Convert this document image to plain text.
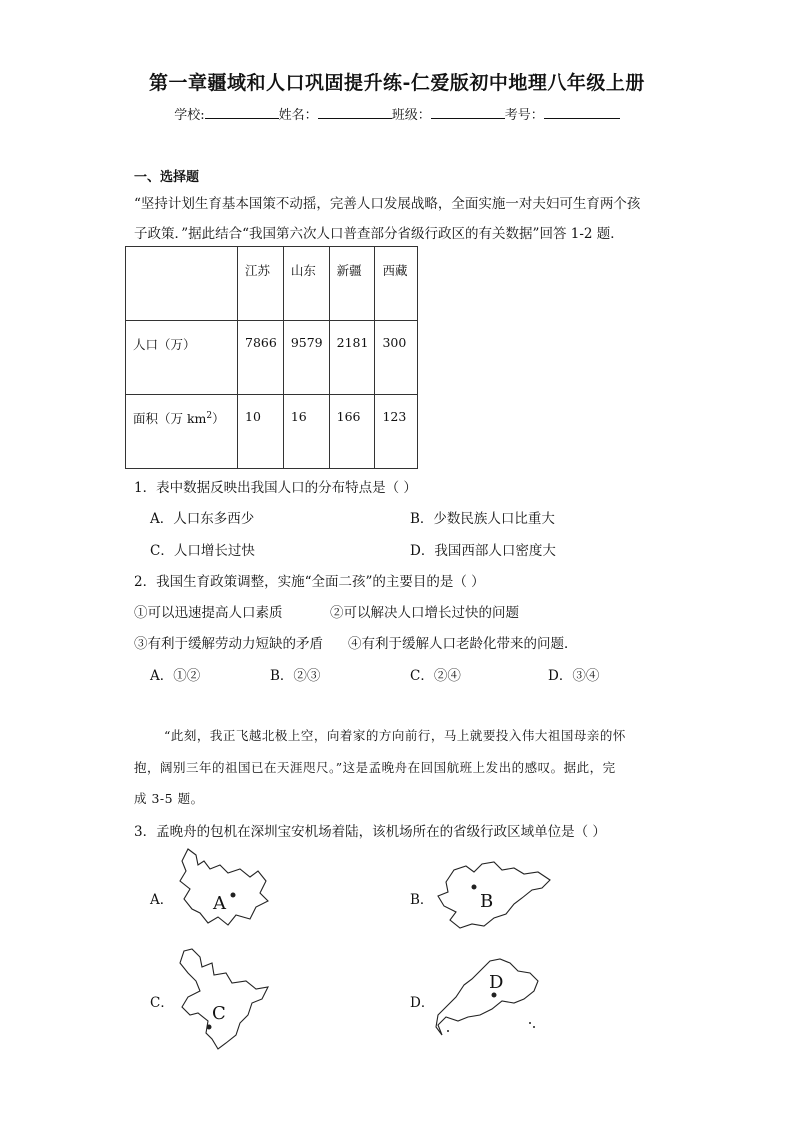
第一章疆域和人口巩固提升练-仁爱版初中地理八年级上册
学校:	姓名：	班级：	考号：
一、选择题
“坚持计划生育基本国策不动摇，完善人口发展战略，全面实施一对夫妇可生育两个孩
子政策．”据此结合“我国第六次人口普查部分省级行政区的有关数据”回答 1-2 题．
	江苏	山东	新疆	西藏
人口（万）	7866	9579	2181	300
面积（万 $km^2$）	10	16	166	123
1．表中数据反映出我国人口的分布特点是（ ）
A．人口东多西少	B．少数民族人口比重大
C．人口增长过快	D．我国西部人口密度大
2．我国生育政策调整，实施“全面二孩”的主要目的是（ ）
①可以迅速提高人口素质	②可以解决人口增长过快的问题
③有利于缓解劳动力短缺的矛盾 ④有利于缓解人口老龄化带来的问题．
A．①②	B．②③	C．②④	D．③④
“此刻，我正飞越北极上空，向着家的方向前行，马上就要投入伟大祖国母亲的怀
抱，阔别三年的祖国已在天涯咫尺。”这是孟晚舟在回国航班上发出的感叹。据此，完
成 3-5 题。
3．孟晚舟的包机在深圳宝安机场着陆，该机场所在的省级行政区域单位是（ ）
A． A	B．	B
C． C	D．
D
